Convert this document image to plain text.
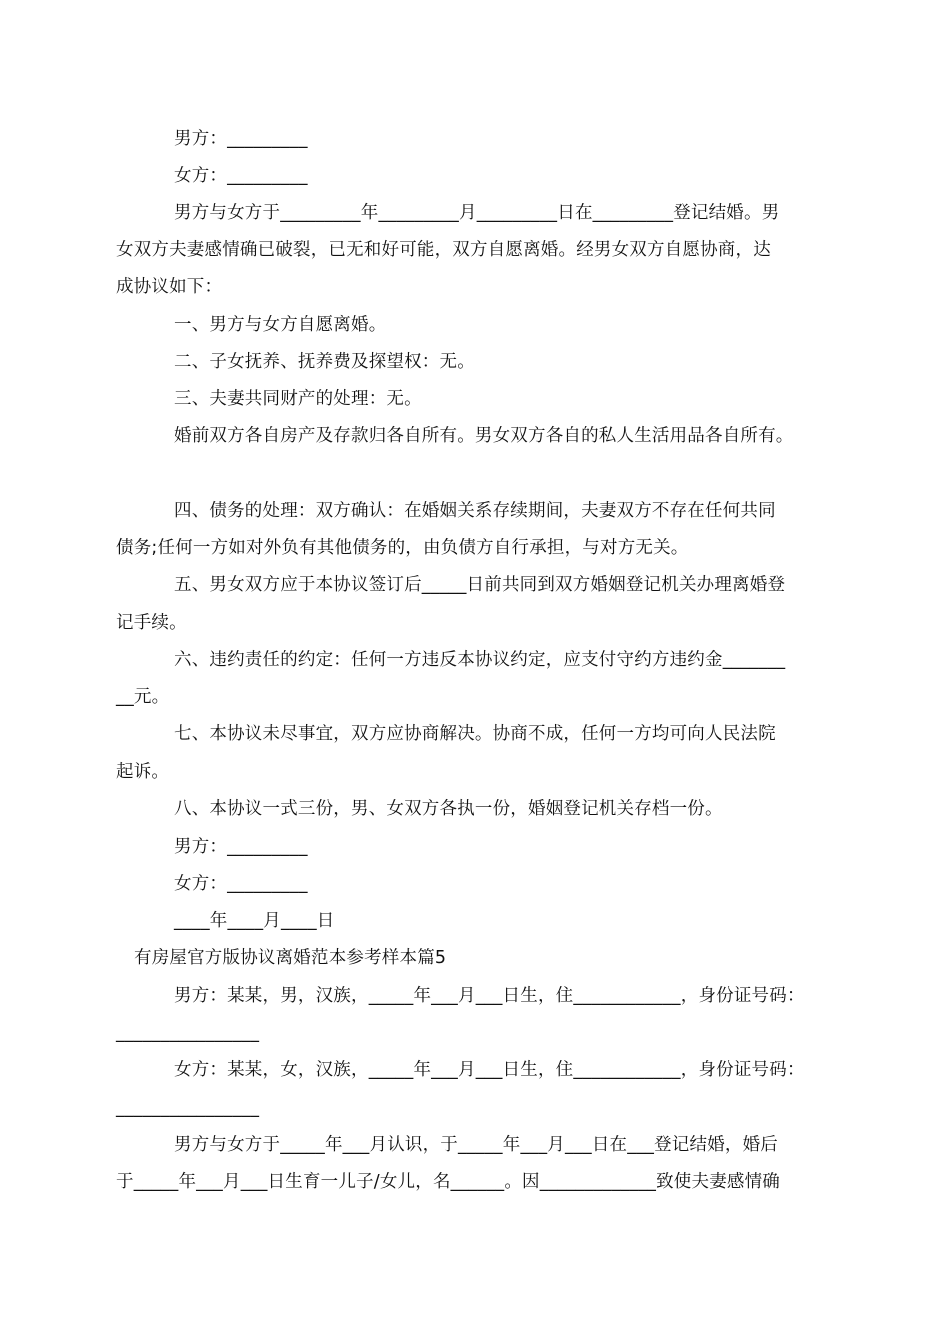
男方：_________
女方：_________
男方与女方于_________年_________月_________日在_________登记结婚。男
女双方夫妻感情确已破裂，已无和好可能，双方自愿离婚。经男女双方自愿协商，达
成协议如下：
一、男方与女方自愿离婚。
二、子女抚养、抚养费及探望权：无。
三、夫妻共同财产的处理：无。
婚前双方各自房产及存款归各自所有。男女双方各自的私人生活用品各自所有。
四、债务的处理：双方确认：在婚姻关系存续期间，夫妻双方不存在任何共同
债务;任何一方如对外负有其他债务的，由负债方自行承担，与对方无关。
五、男女双方应于本协议签订后_____日前共同到双方婚姻登记机关办理离婚登
记手续。
六、违约责任的约定：任何一方违反本协议约定，应支付守约方违约金_______
__元。
七、本协议未尽事宜，双方应协商解决。协商不成，任何一方均可向人民法院
起诉。
八、本协议一式三份，男、女双方各执一份，婚姻登记机关存档一份。
男方：_________
女方：_________
____年____月____日
有房屋官方版协议离婚范本参考样本篇5
男方：某某，男，汉族，_____年___月___日生，住____________，身份证号码：
________________
女方：某某，女，汉族，_____年___月___日生，住____________，身份证号码：
________________
男方与女方于_____年___月认识，于_____年___月___日在___登记结婚，婚后
于_____年___月___日生育一儿子/女儿，名______。因_____________致使夫妻感情确
